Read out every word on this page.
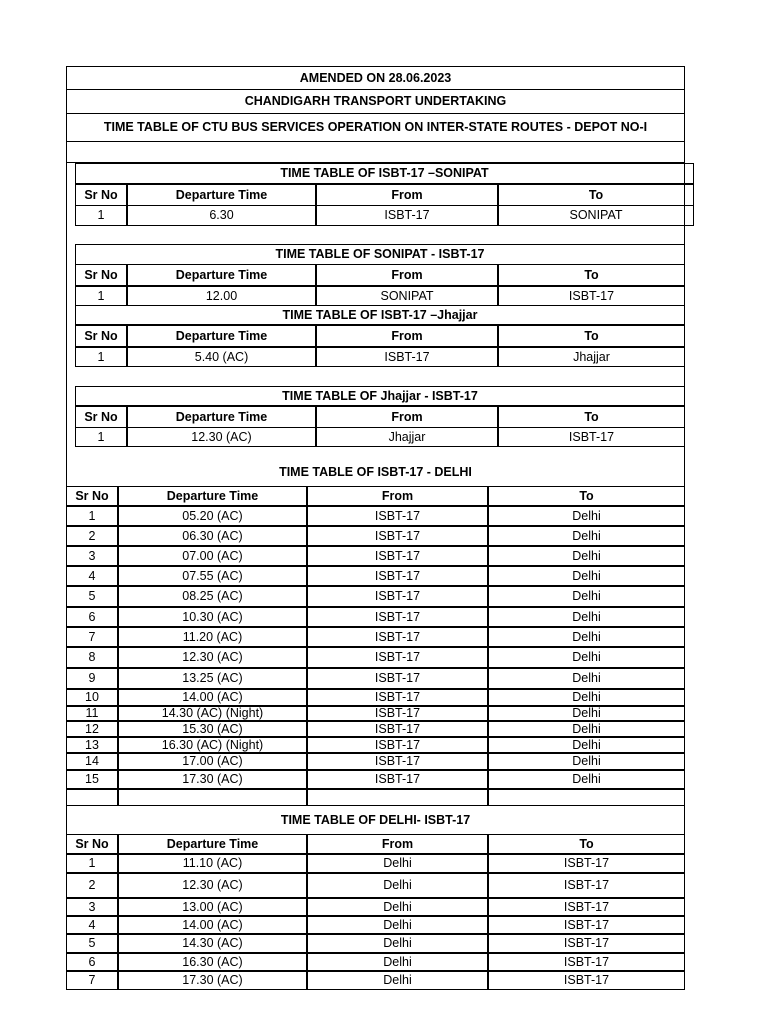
AMENDED ON 28.06.2023
CHANDIGARH TRANSPORT UNDERTAKING
TIME TABLE OF CTU BUS SERVICES OPERATION ON INTER-STATE ROUTES - DEPOT NO-I
TIME TABLE OF ISBT-17 –SONIPAT
Sr No	Departure Time	From	To
1	6.30	ISBT-17	SONIPAT
TIME TABLE OF SONIPAT - ISBT-17
Sr No	Departure Time	From	To
1	12.00	SONIPAT	ISBT-17
TIME TABLE OF ISBT-17 –Jhajjar
Sr No	Departure Time	From	To
1	5.40 (AC)	ISBT-17	Jhajjar
TIME TABLE OF Jhajjar - ISBT-17
Sr No	Departure Time	From	To
1	12.30 (AC)	Jhajjar	ISBT-17
TIME TABLE OF ISBT-17 - DELHI
Sr No	Departure Time	From	To
1	05.20 (AC)	ISBT-17	Delhi
2	06.30 (AC)	ISBT-17	Delhi
3	07.00 (AC)	ISBT-17	Delhi
4	07.55 (AC)	ISBT-17	Delhi
5	08.25 (AC)	ISBT-17	Delhi
6	10.30 (AC)	ISBT-17	Delhi
7	11.20 (AC)	ISBT-17	Delhi
8	12.30 (AC)	ISBT-17	Delhi
9	13.25 (AC)	ISBT-17	Delhi
10	14.00 (AC)	ISBT-17	Delhi
11	14.30 (AC) (Night)	ISBT-17	Delhi
12	15.30 (AC)	ISBT-17	Delhi
13	16.30 (AC) (Night)	ISBT-17	Delhi
14	17.00 (AC)	ISBT-17	Delhi
15	17.30 (AC)	ISBT-17	Delhi
TIME TABLE OF DELHI- ISBT-17
Sr No	Departure Time	From	To
1	11.10 (AC)	Delhi	ISBT-17
2	12.30 (AC)	Delhi	ISBT-17
3	13.00 (AC)	Delhi	ISBT-17
4	14.00 (AC)	Delhi	ISBT-17
5	14.30 (AC)	Delhi	ISBT-17
6	16.30 (AC)	Delhi	ISBT-17
7	17.30 (AC)	Delhi	ISBT-17
